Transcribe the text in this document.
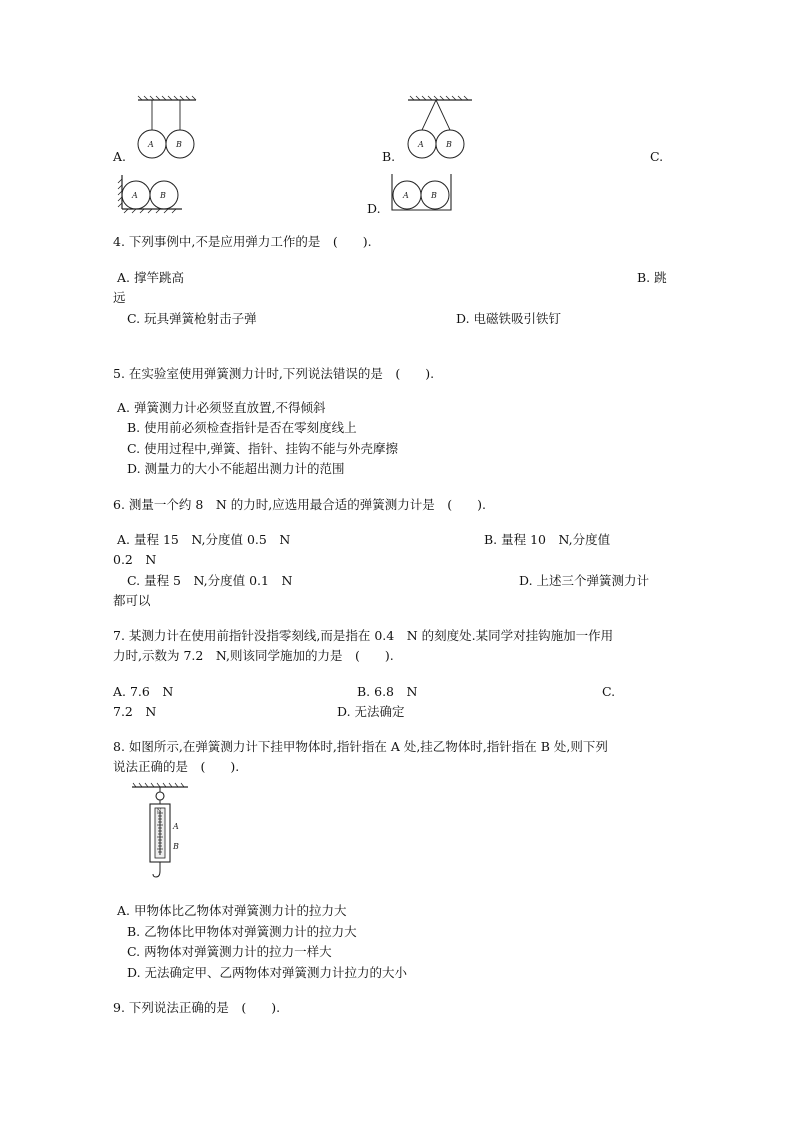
A	B
A.
A	B
B.	C.
A	B
D.
A	B
4. 下列事例中,不是应用弹力工作的是　(　　).
A. 撑竿跳高	B. 跳
远
C. 玩具弹簧枪射击子弹	D. 电磁铁吸引铁钉
5. 在实验室使用弹簧测力计时,下列说法错误的是　(　　).
A. 弹簧测力计必须竖直放置,不得倾斜
B. 使用前必须检查指针是否在零刻度线上
C. 使用过程中,弹簧、指针、挂钩不能与外壳摩擦
D. 测量力的大小不能超出测力计的范围
6. 测量一个约 8　N 的力时,应选用最合适的弹簧测力计是　(　　).
A. 量程 15　N,分度值 0.5　N	B. 量程 10　N,分度值
0.2　N
C. 量程 5　N,分度值 0.1　N	D. 上述三个弹簧测力计
都可以
7. 某测力计在使用前指针没指零刻线,而是指在 0.4　N 的刻度处.某同学对挂钩施加一作用
力时,示数为 7.2　N,则该同学施加的力是　(　　).
A. 7.6　N	B. 6.8　N	C.
7.2　N	D. 无法确定
8. 如图所示,在弹簧测力计下挂甲物体时,指针指在 A 处,挂乙物体时,指针指在 B 处,则下列
说法正确的是　(　　).
N
A
B
A. 甲物体比乙物体对弹簧测力计的拉力大
B. 乙物体比甲物体对弹簧测力计的拉力大
C. 两物体对弹簧测力计的拉力一样大
D. 无法确定甲、乙两物体对弹簧测力计拉力的大小
9. 下列说法正确的是　(　　).
